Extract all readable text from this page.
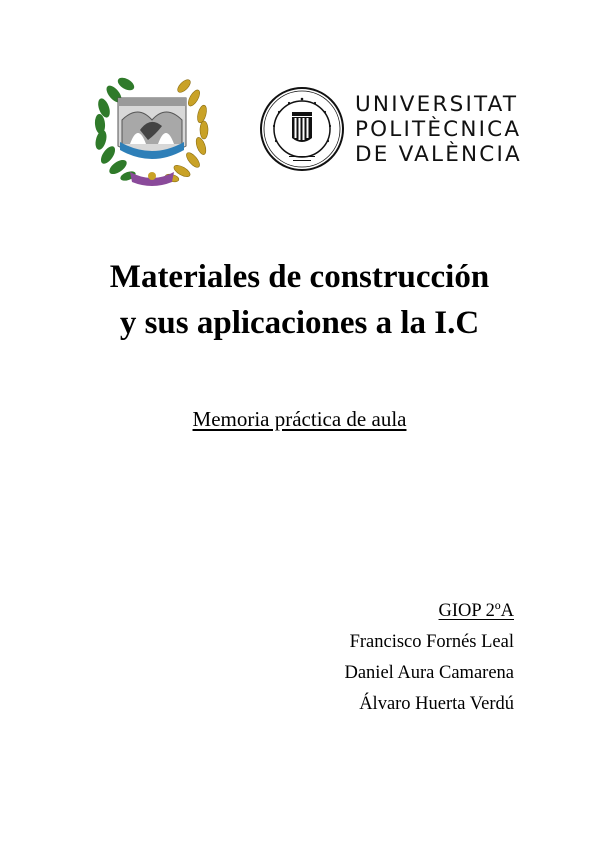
UNIVERSITAT
POLITÈCNICA
DE VALÈNCIA
Materiales de construcción
y sus aplicaciones a la I.C
Memoria práctica de aula
GIOP 2ºA
Francisco Fornés Leal
Daniel Aura Camarena
Álvaro Huerta Verdú
